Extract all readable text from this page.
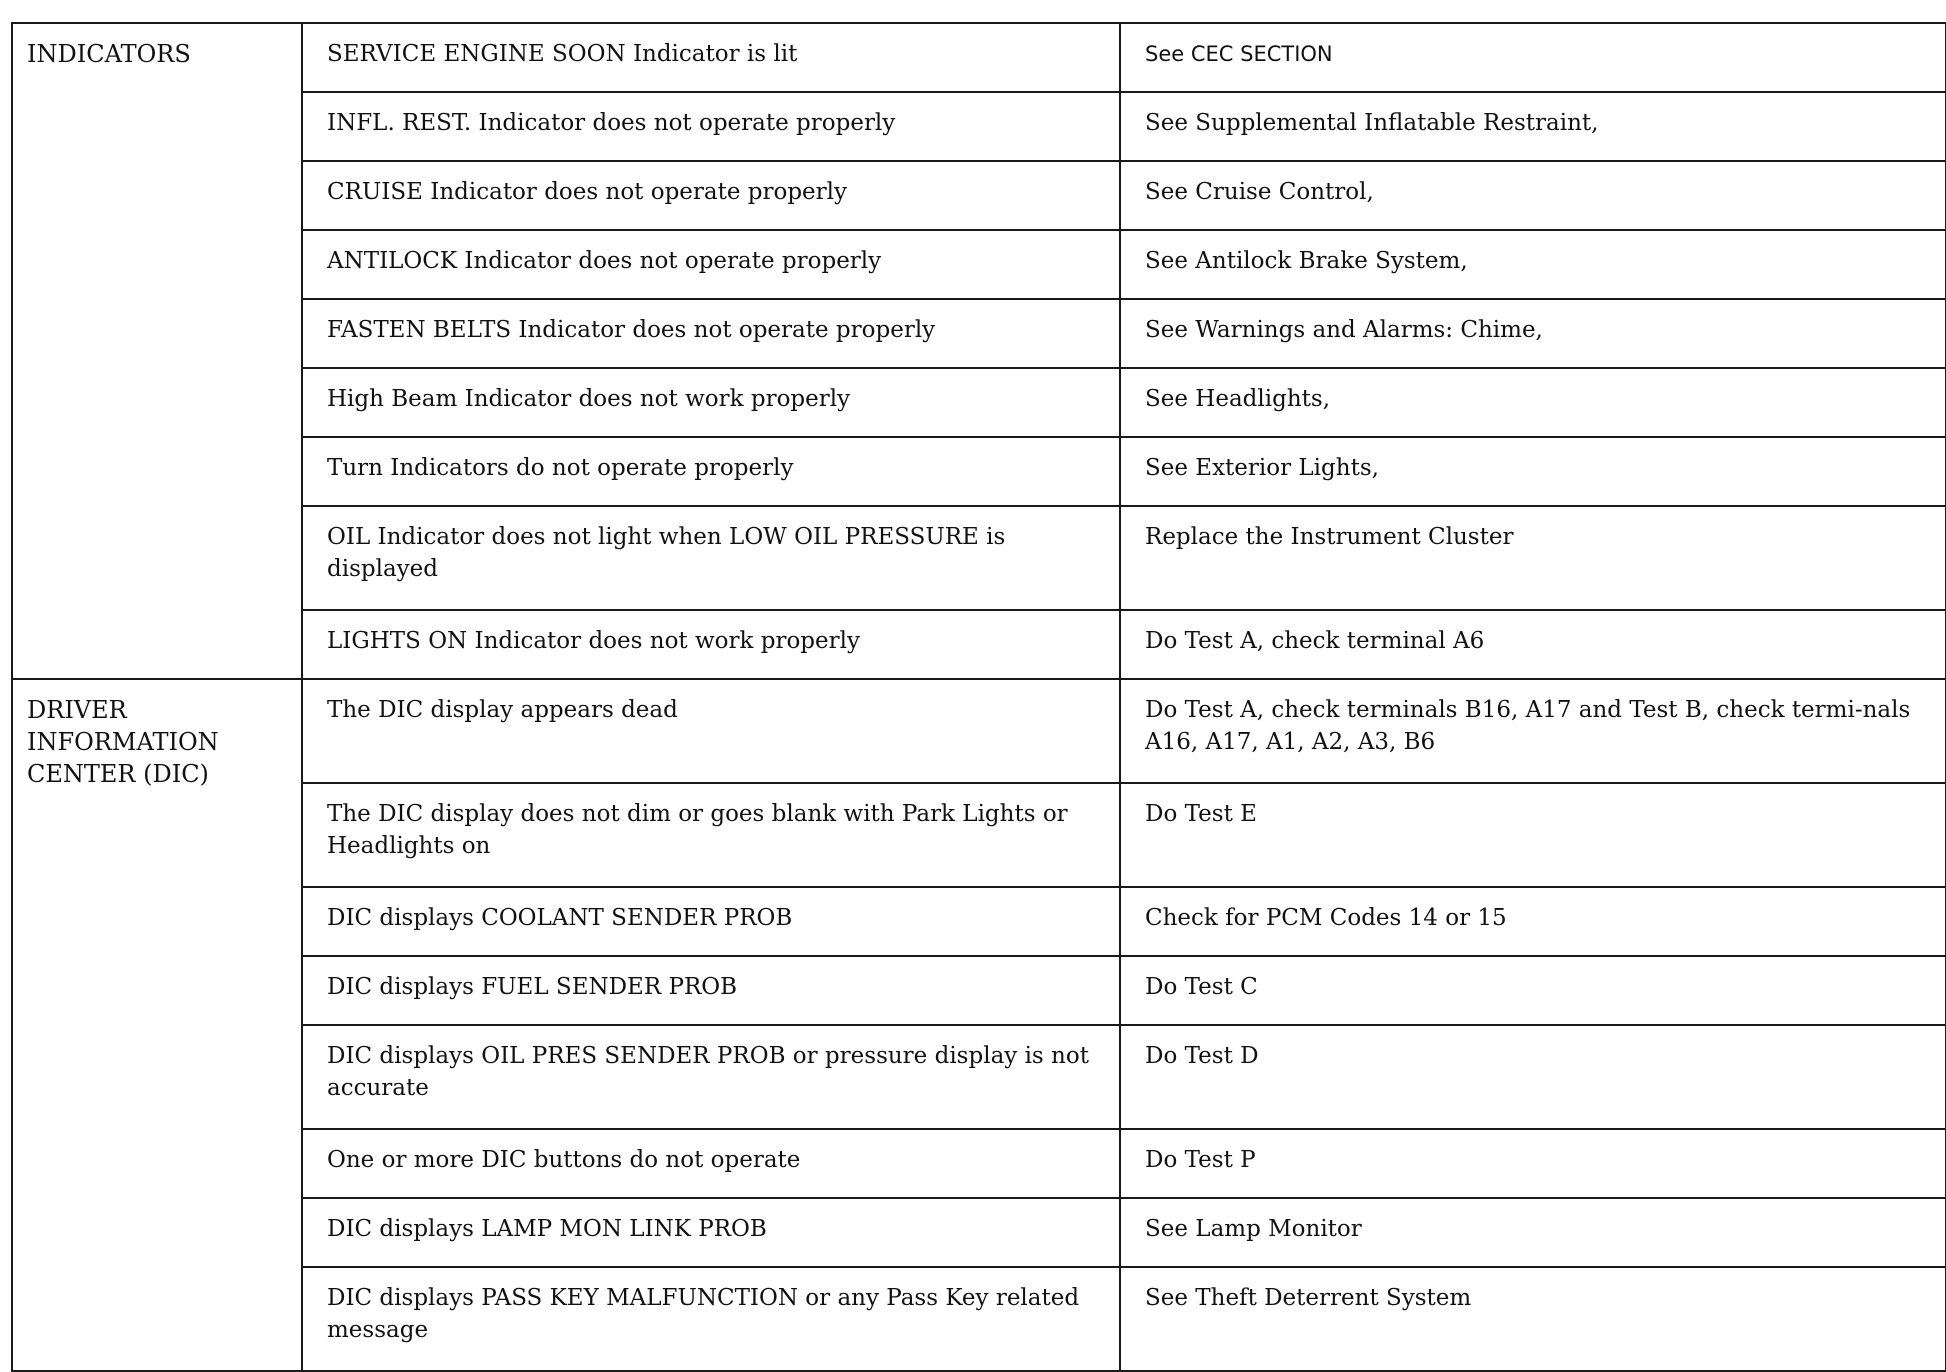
INDICATORS	SERVICE ENGINE SOON Indicator is lit	See CEC SECTION
	INFL. REST. Indicator does not operate properly	See Supplemental Inflatable Restraint,
	CRUISE Indicator does not operate properly	See Cruise Control,
	ANTILOCK Indicator does not operate properly	See Antilock Brake System,
	FASTEN BELTS Indicator does not operate properly	See Warnings and Alarms: Chime,
	High Beam Indicator does not work properly	See Headlights,
	Turn Indicators do not operate properly	See Exterior Lights,
	OIL Indicator does not light when LOW OIL PRESSURE is displayed	Replace the Instrument Cluster
	LIGHTS ON Indicator does not work properly	Do Test A, check terminal A6
DRIVER INFORMATION CENTER (DIC)	The DIC display appears dead	Do Test A, check terminals B16, A17 and Test B, check termi-nals A16, A17, A1, A2, A3, B6
	The DIC display does not dim or goes blank with Park Lights or Headlights on	Do Test E
	DIC displays COOLANT SENDER PROB	Check for PCM Codes 14 or 15
	DIC displays FUEL SENDER PROB	Do Test C
	DIC displays OIL PRES SENDER PROB or pressure display is not accurate	Do Test D
	One or more DIC buttons do not operate	Do Test P
	DIC displays LAMP MON LINK PROB	See Lamp Monitor
	DIC displays PASS KEY MALFUNCTION or any Pass Key related message	See Theft Deterrent System
